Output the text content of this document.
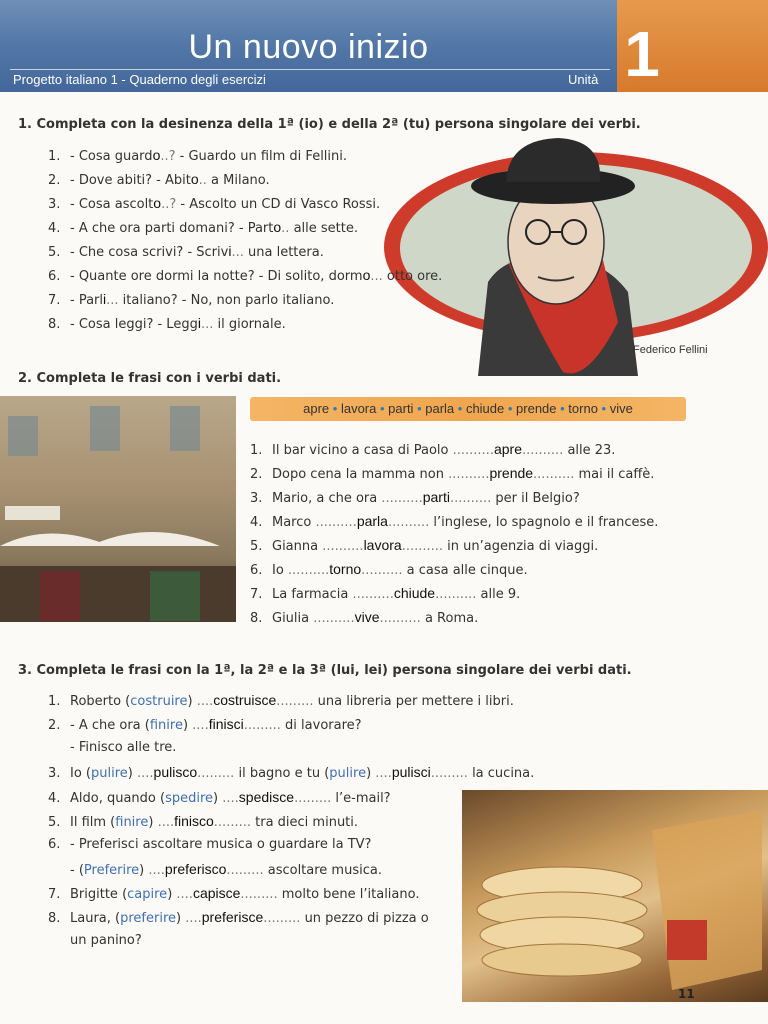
Un nuovo inizio
Progetto italiano 1 - Quaderno degli esercizi	Unità 1
1. Completa con la desinenza della 1ª (io) e della 2ª (tu) persona singolare dei verbi.
Federico Fellini
1. - Cosa guardo..? - Guardo un film di Fellini.
2. - Dove abiti? - Abito.. a Milano.
3. - Cosa ascolto..? - Ascolto un CD di Vasco Rossi.
4. - A che ora parti domani? - Parto.. alle sette.
5. - Che cosa scrivi? - Scrivi... una lettera.
6. - Quante ore dormi la notte? - Di solito, dormo... otto ore.
7. - Parli... italiano? - No, non parlo italiano.
8. - Cosa leggi? - Leggi... il giornale.
2. Completa le frasi con i verbi dati.
apre • lavora • parti • parla • chiude • prende • torno • vive
1. Il bar vicino a casa di Paolo ..........apre.......... alle 23.
2. Dopo cena la mamma non ..........prende.......... mai il caffè.
3. Mario, a che ora ..........parti.......... per il Belgio?
4. Marco ..........parla.......... l’inglese, lo spagnolo e il francese.
5. Gianna ..........lavora.......... in un’agenzia di viaggi.
6. Io ..........torno.......... a casa alle cinque.
7. La farmacia ..........chiude.......... alle 9.
8. Giulia ..........vive.......... a Roma.
3. Completa le frasi con la 1ª, la 2ª e la 3ª (lui, lei) persona singolare dei verbi dati.
1. Roberto (costruire) ....costruisce......... una libreria per mettere i libri.
2. - A che ora (finire) ....finisci......... di lavorare?
- Finisco alle tre.
3. Io (pulire) ....pulisco......... il bagno e tu (pulire) ....pulisci......... la cucina.
4. Aldo, quando (spedire) ....spedisce......... l’e-mail?
5. Il film (finire) ....finisco......... tra dieci minuti.
6. - Preferisci ascoltare musica o guardare la TV?
- (Preferire) ....preferisco......... ascoltare musica.
7. Brigitte (capire) ....capisce......... molto bene l’italiano.
8. Laura, (preferire) ....preferisce......... un pezzo di pizza o
un panino?
11
